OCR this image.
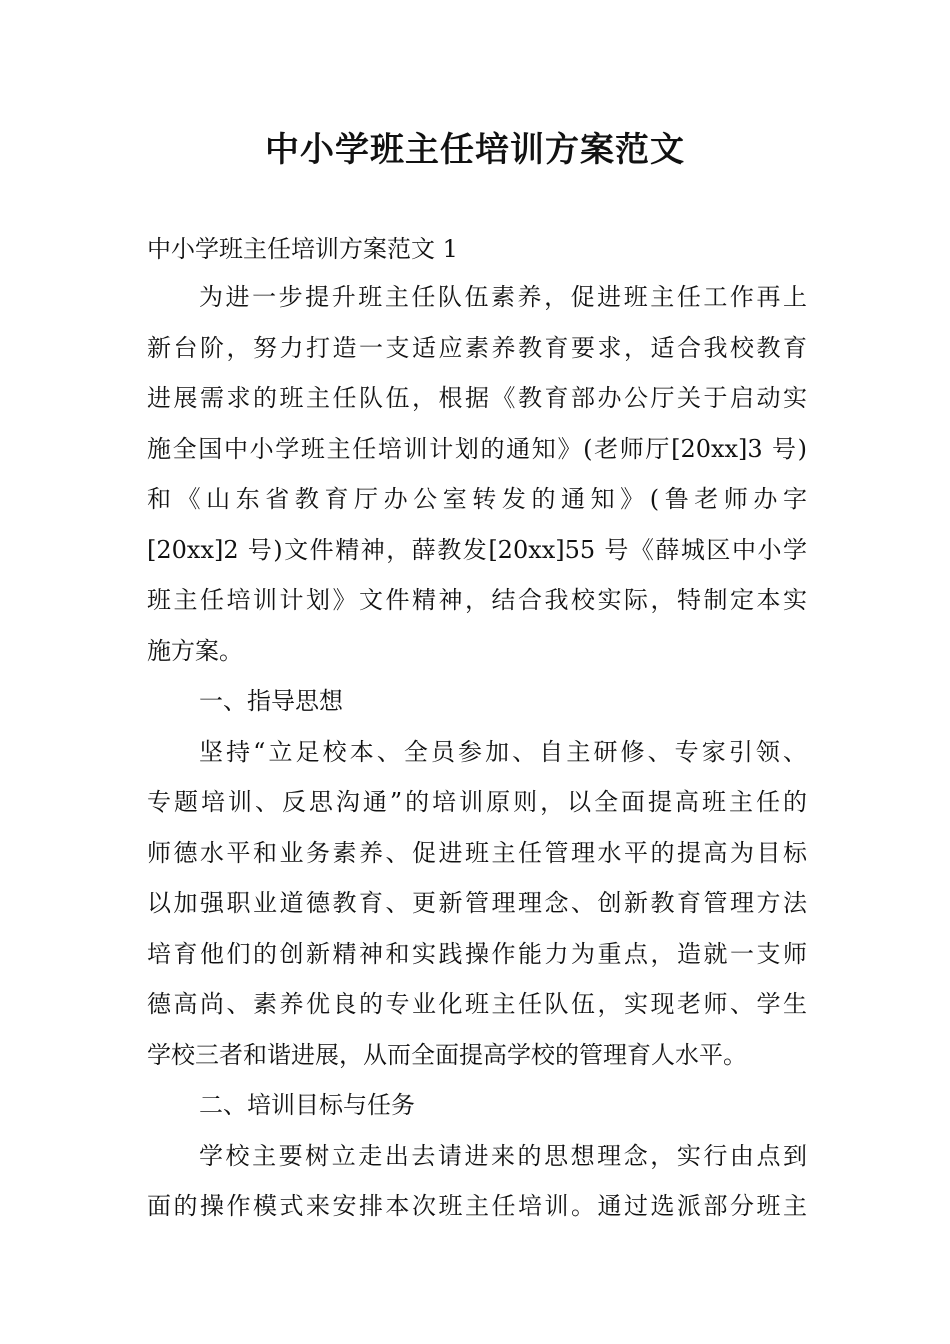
中小学班主任培训方案范文
中小学班主任培训方案范文 1
为进一步提升班主任队伍素养，促进班主任工作再上
新台阶，努力打造一支适应素养教育要求，适合我校教育
进展需求的班主任队伍，根据《教育部办公厅关于启动实
施全国中小学班主任培训计划的通知》(老师厅[20xx]3 号)
和《山东省教育厅办公室转发的通知》(鲁老师办字
[20xx]2 号)文件精神，薛教发[20xx]55 号《薛城区中小学
班主任培训计划》文件精神，结合我校实际，特制定本实
施方案。
一、指导思想
坚持“立足校本、全员参加、自主研修、专家引领、
专题培训、反思沟通”的培训原则，以全面提高班主任的
师德水平和业务素养、促进班主任管理水平的提高为目标
以加强职业道德教育、更新管理理念、创新教育管理方法
培育他们的创新精神和实践操作能力为重点，造就一支师
德高尚、素养优良的专业化班主任队伍，实现老师、学生
学校三者和谐进展，从而全面提高学校的管理育人水平。
二、培训目标与任务
学校主要树立走出去请进来的思想理念，实行由点到
面的操作模式来安排本次班主任培训。通过选派部分班主
